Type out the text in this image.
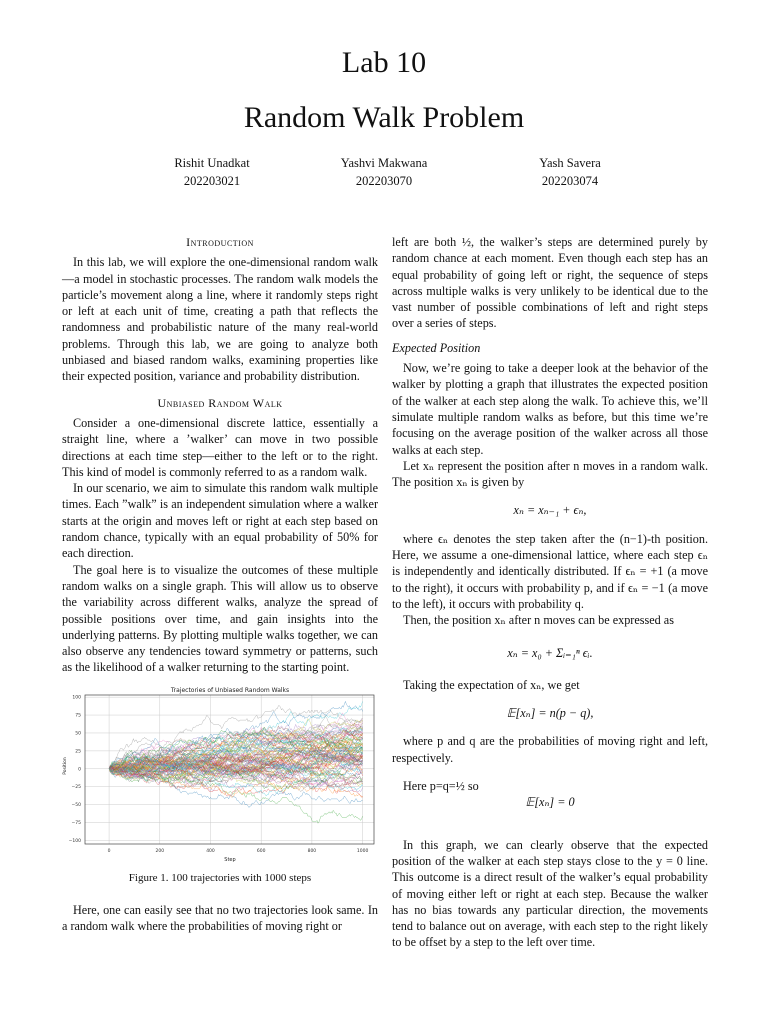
Lab 10
Random Walk Problem
Rishit Unadkat
202203021
Yashvi Makwana
202203070
Yash Savera
202203074
Introduction

In this lab, we will explore the one-dimensional random walk—a model in stochastic processes. The random walk models the particle’s movement along a line, where it randomly steps right or left at each unit of time, creating a path that reflects the randomness and probabilistic nature of the many real-world problems. Through this lab, we are going to analyze both unbiased and biased random walks, examining properties like their expected position, variance and probability distribution.

Unbiased Random Walk

Consider a one-dimensional discrete lattice, essentially a straight line, where a ’walker’ can move in two possible directions at each time step—either to the left or to the right. This kind of model is commonly referred to as a random walk.

In our scenario, we aim to simulate this random walk multiple times. Each ”walk” is an independent simulation where a walker starts at the origin and moves left or right at each step based on random chance, typically with an equal probability of 50% for each direction.

The goal here is to visualize the outcomes of these multiple random walks on a single graph. This will allow us to observe the variability across different walks, analyze the spread of possible positions over time, and gain insights into the underlying patterns. By plotting multiple walks together, we can also observe any tendencies toward symmetry or patterns, such as the likelihood of a walker returning to the starting point.

Trajectories of Unbiased Random Walks
Step
Position
0	200	400	600	800	1000
100
75
50
25
0
−25
−50
−75
−100
Figure 1. 100 trajectories with 1000 steps

Here, one can easily see that no two trajectories look same. In a random walk where the probabilities of moving right or

left are both ½, the walker’s steps are determined purely by random chance at each moment. Even though each step has an equal probability of going left or right, the sequence of steps across multiple walks is very unlikely to be identical due to the vast number of possible combinations of left and right steps over a series of steps.

Expected Position

Now, we’re going to take a deeper look at the behavior of the walker by plotting a graph that illustrates the expected position of the walker at each step along the walk. To achieve this, we’ll simulate multiple random walks as before, but this time we’re focusing on the average position of the walker across all those walks at each step.

Let xₙ represent the position after n moves in a random walk. The position xₙ is given by

xₙ = xₙ₋₁ + ϵₙ,

where ϵₙ denotes the step taken after the (n−1)-th position. Here, we assume a one-dimensional lattice, where each step ϵₙ is independently and identically distributed. If ϵₙ = +1 (a move to the right), it occurs with probability p, and if ϵₙ = −1 (a move to the left), it occurs with probability q.

Then, the position xₙ after n moves can be expressed as

xₙ = x₀ + Σᵢ₌₁ⁿ ϵᵢ.

Taking the expectation of xₙ, we get

𝔼[xₙ] = n(p − q),

where p and q are the probabilities of moving right and left, respectively.

Here p=q=½ so

𝔼[xₙ] = 0

In this graph, we can clearly observe that the expected position of the walker at each step stays close to the y = 0 line. This outcome is a direct result of the walker’s equal probability of moving either left or right at each step. Because the walker has no bias towards any particular direction, the movements tend to balance out on average, with each step to the right likely to be offset by a step to the left over time.
